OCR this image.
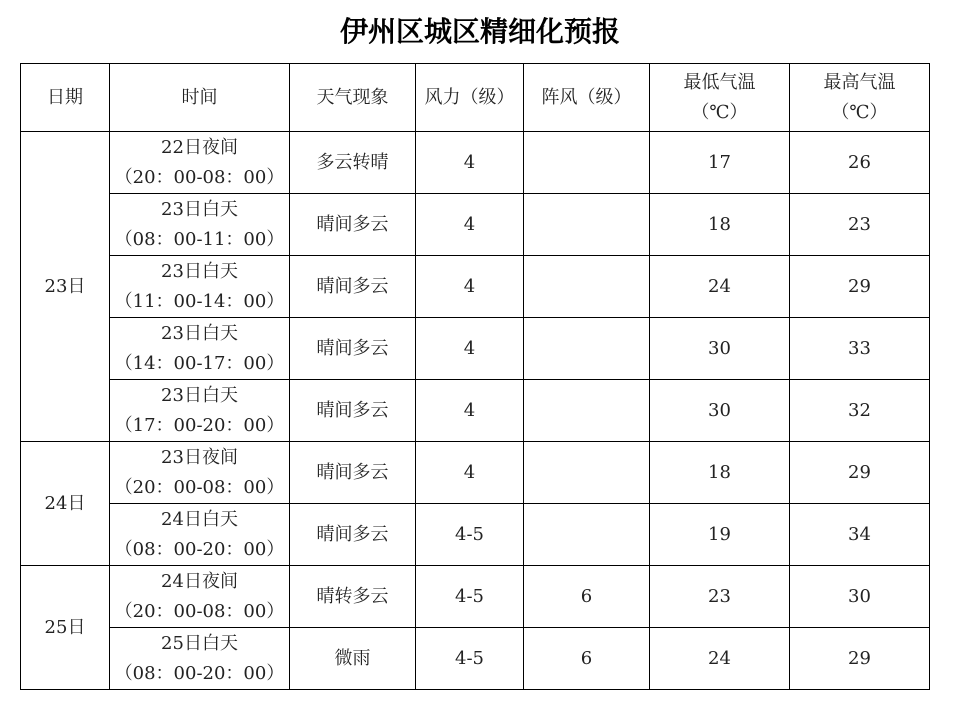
伊州区城区精细化预报
日期	时间	天气现象	风力（级）	阵风（级）	最低气温
（℃）	最高气温
（℃）

23日	22日夜间
（20：00-08：00）	多云转晴	4		17	26

	23日白天
（08：00-11：00）	晴间多云	4		18	23

	23日白天
（11：00-14：00）	晴间多云	4		24	29

	23日白天
（14：00-17：00）	晴间多云	4		30	33

	23日白天
（17：00-20：00）	晴间多云	4		30	32
24日	23日夜间
（20：00-08：00）	晴间多云	4		18	29

	24日白天
（08：00-20：00）	晴间多云	4-5		19	34
25日	24日夜间
（20：00-08：00）	晴转多云	4-5	6	23	30

	25日白天
（08：00-20：00）	微雨	4-5	6	24	29
